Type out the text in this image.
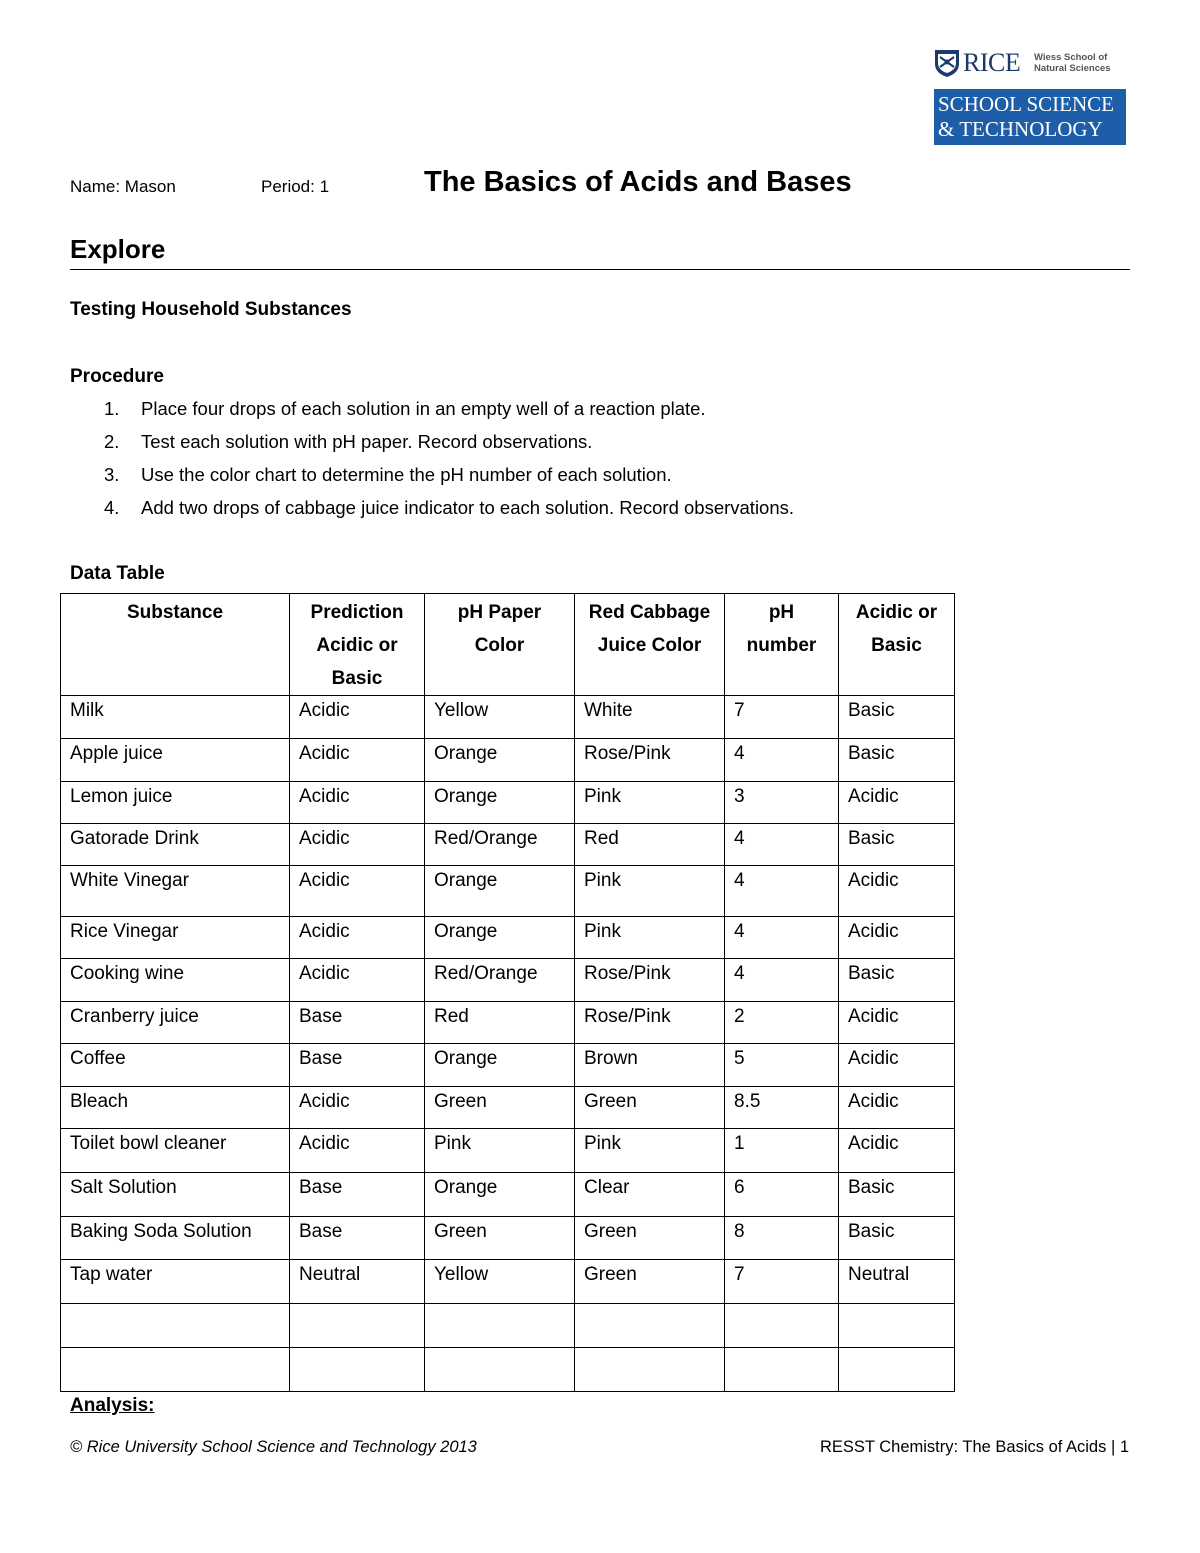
RICE Wiess School of
Natural Sciences
SCHOOL SCIENCE
& TECHNOLOGY
Name: Mason	Period: 1	The Basics of Acids and Bases
Explore
Testing Household Substances
Procedure
1. Place four drops of each solution in an empty well of a reaction plate.
2. Test each solution with pH paper. Record observations.
3. Use the color chart to determine the pH number of each solution.
4. Add two drops of cabbage juice indicator to each solution. Record observations.
Data Table
Substance	Prediction Acidic or Basic	pH Paper Color	Red Cabbage Juice Color	pH number	Acidic or Basic
Milk	Acidic	Yellow	White	7	Basic
Apple juice	Acidic	Orange	Rose/Pink	4	Basic
Lemon juice	Acidic	Orange	Pink	3	Acidic
Gatorade Drink	Acidic	Red/Orange	Red	4	Basic
White Vinegar	Acidic	Orange	Pink	4	Acidic
Rice Vinegar	Acidic	Orange	Pink	4	Acidic
Cooking wine	Acidic	Red/Orange	Rose/Pink	4	Basic
Cranberry juice	Base	Red	Rose/Pink	2	Acidic
Coffee	Base	Orange	Brown	5	Acidic
Bleach	Acidic	Green	Green	8.5	Acidic
Toilet bowl cleaner	Acidic	Pink	Pink	1	Acidic
Salt Solution	Base	Orange	Clear	6	Basic
Baking Soda Solution	Base	Green	Green	8	Basic
Tap water	Neutral	Yellow	Green	7	Neutral

Analysis:
© Rice University School Science and Technology 2013	RESST Chemistry: The Basics of Acids | 1
